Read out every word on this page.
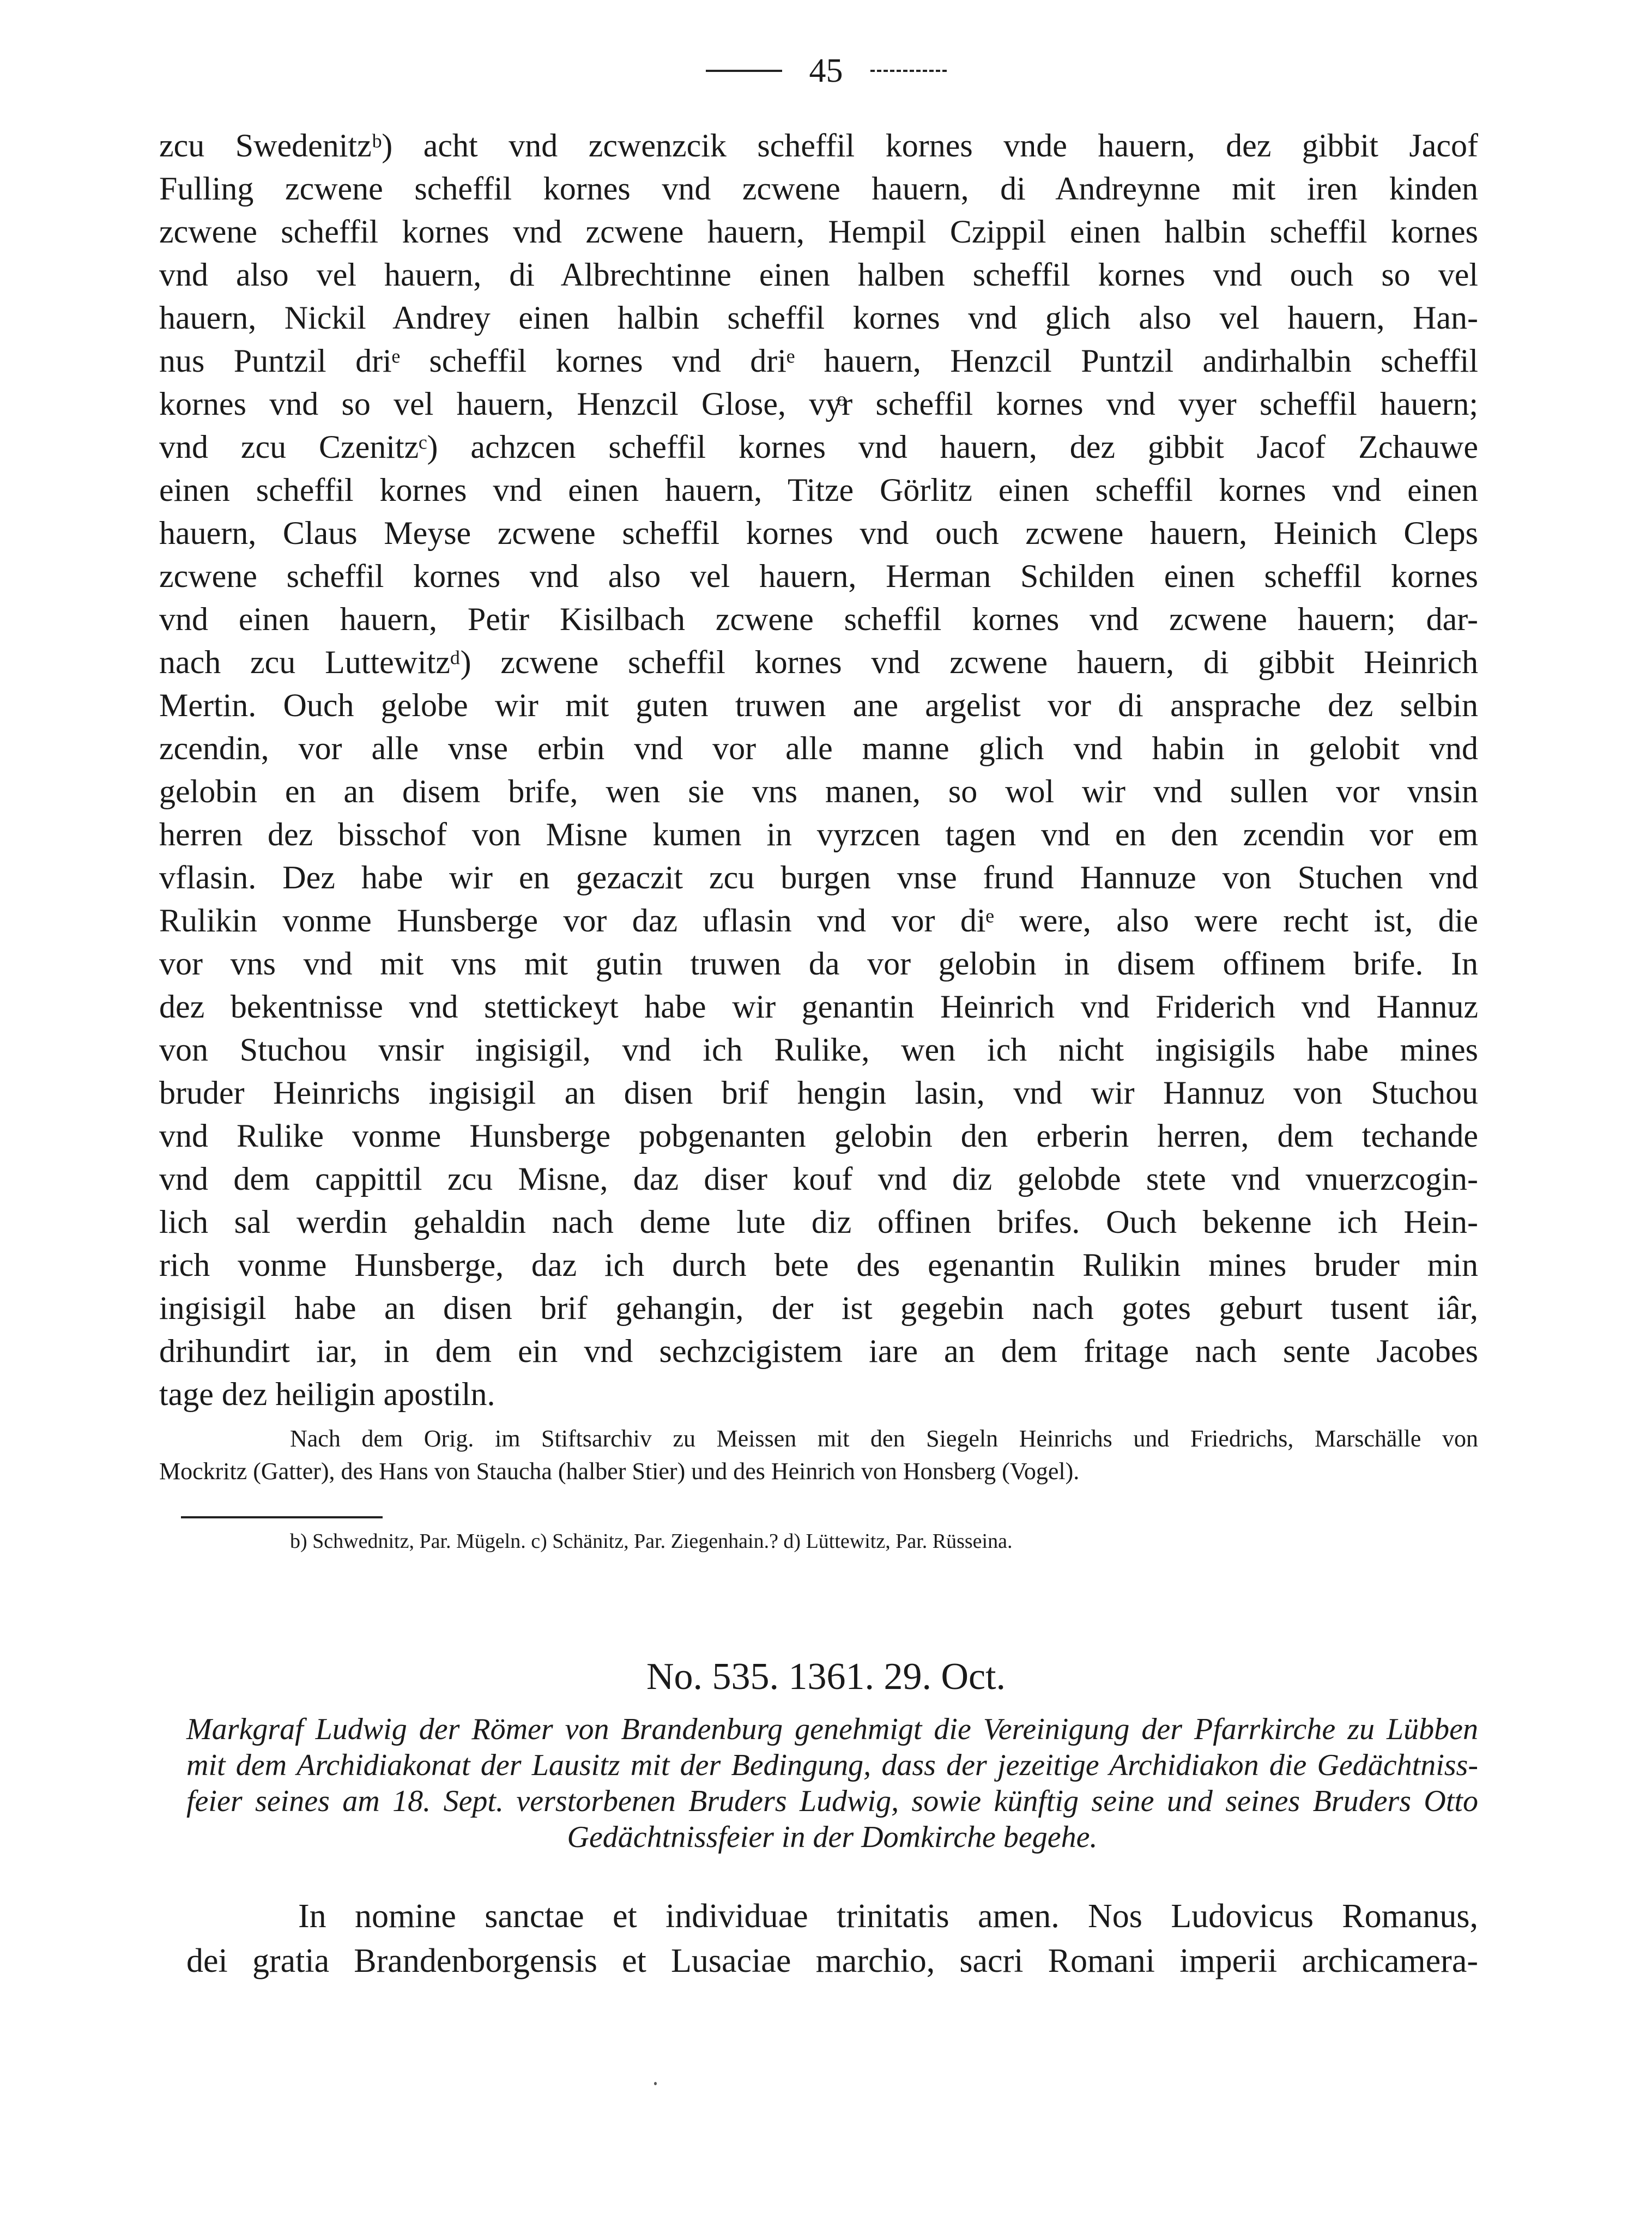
45
zcu Swedenitzᵇ) acht vnd zcwenzcik scheffil kornes vnde hauern, dez gibbit Jacof
Fulling zcwene scheffil kornes vnd zcwene hauern, di Andreynne mit iren kinden
zcwene scheffil kornes vnd zcwene hauern, Hempil Czippil einen halbin scheffil kornes
vnd also vel hauern, di Albrechtinne einen halben scheffil kornes vnd ouch so vel
hauern, Nickil Andrey einen halbin scheffil kornes vnd glich also vel hauern, Han-
nus Puntzil driᵉ scheffil kornes vnd driᵉ hauern, Henzcil Puntzil andirhalbin scheffil
kornes vnd so vel hauern, Henzcil Glose, vyͦr scheffil kornes vnd vyer scheffil hauern;
vnd zcu Czenitzᶜ) achzcen scheffil kornes vnd hauern, dez gibbit Jacof Zchauwe
einen scheffil kornes vnd einen hauern, Titze Görlitz einen scheffil kornes vnd einen
hauern, Claus Meyse zcwene scheffil kornes vnd ouch zcwene hauern, Heinich Cleps
zcwene scheffil kornes vnd also vel hauern, Herman Schilden einen scheffil kornes
vnd einen hauern, Petir Kisilbach zcwene scheffil kornes vnd zcwene hauern; dar-
nach zcu Luttewitzᵈ) zcwene scheffil kornes vnd zcwene hauern, di gibbit Heinrich
Mertin. Ouch gelobe wir mit guten truwen ane argelist vor di ansprache dez selbin
zcendin, vor alle vnse erbin vnd vor alle manne glich vnd habin in gelobit vnd
gelobin en an disem brife, wen sie vns manen, so wol wir vnd sullen vor vnsin
herren dez bisschof von Misne kumen in vyrzcen tagen vnd en den zcendin vor em
vflasin. Dez habe wir en gezaczit zcu burgen vnse frund Hannuze von Stuchen vnd
Rulikin vonme Hunsberge vor daz uflasin vnd vor diᵉ were, also were recht ist, die
vor vns vnd mit vns mit gutin truwen da vor gelobin in disem offinem brife. In
dez bekentnisse vnd stettickeyt habe wir genantin Heinrich vnd Friderich vnd Hannuz
von Stuchou vnsir ingisigil, vnd ich Rulike, wen ich nicht ingisigils habe mines
bruder Heinrichs ingisigil an disen brif hengin lasin, vnd wir Hannuz von Stuchou
vnd Rulike vonme Hunsberge pobgenanten gelobin den erberin herren, dem techande
vnd dem cappittil zcu Misne, daz diser kouf vnd diz gelobde stete vnd vnuerzcogin-
lich sal werdin gehaldin nach deme lute diz offinen brifes. Ouch bekenne ich Hein-
rich vonme Hunsberge, daz ich durch bete des egenantin Rulikin mines bruder min
ingisigil habe an disen brif gehangin, der ist gegebin nach gotes geburt tusent iâr,
drihundirt iar, in dem ein vnd sechzcigistem iare an dem fritage nach sente Jacobes
tage dez heiligin apostiln.
Nach dem Orig. im Stiftsarchiv zu Meissen mit den Siegeln Heinrichs und Friedrichs, Marschälle von
Mockritz (Gatter), des Hans von Staucha (halber Stier) und des Heinrich von Honsberg (Vogel).
b) Schwednitz, Par. Mügeln. c) Schänitz, Par. Ziegenhain.? d) Lüttewitz, Par. Rüsseina.
No. 535. 1361. 29. Oct.
Markgraf Ludwig der Römer von Brandenburg genehmigt die Vereinigung der Pfarrkirche zu Lübben
mit dem Archidiakonat der Lausitz mit der Bedingung, dass der jezeitige Archidiakon die Gedächtniss-
feier seines am 18. Sept. verstorbenen Bruders Ludwig, sowie künftig seine und seines Bruders Otto
Gedächtnissfeier in der Domkirche begehe.
In nomine sanctae et individuae trinitatis amen. Nos Ludovicus Romanus,
dei gratia Brandenborgensis et Lusaciae marchio, sacri Romani imperii archicamera-
